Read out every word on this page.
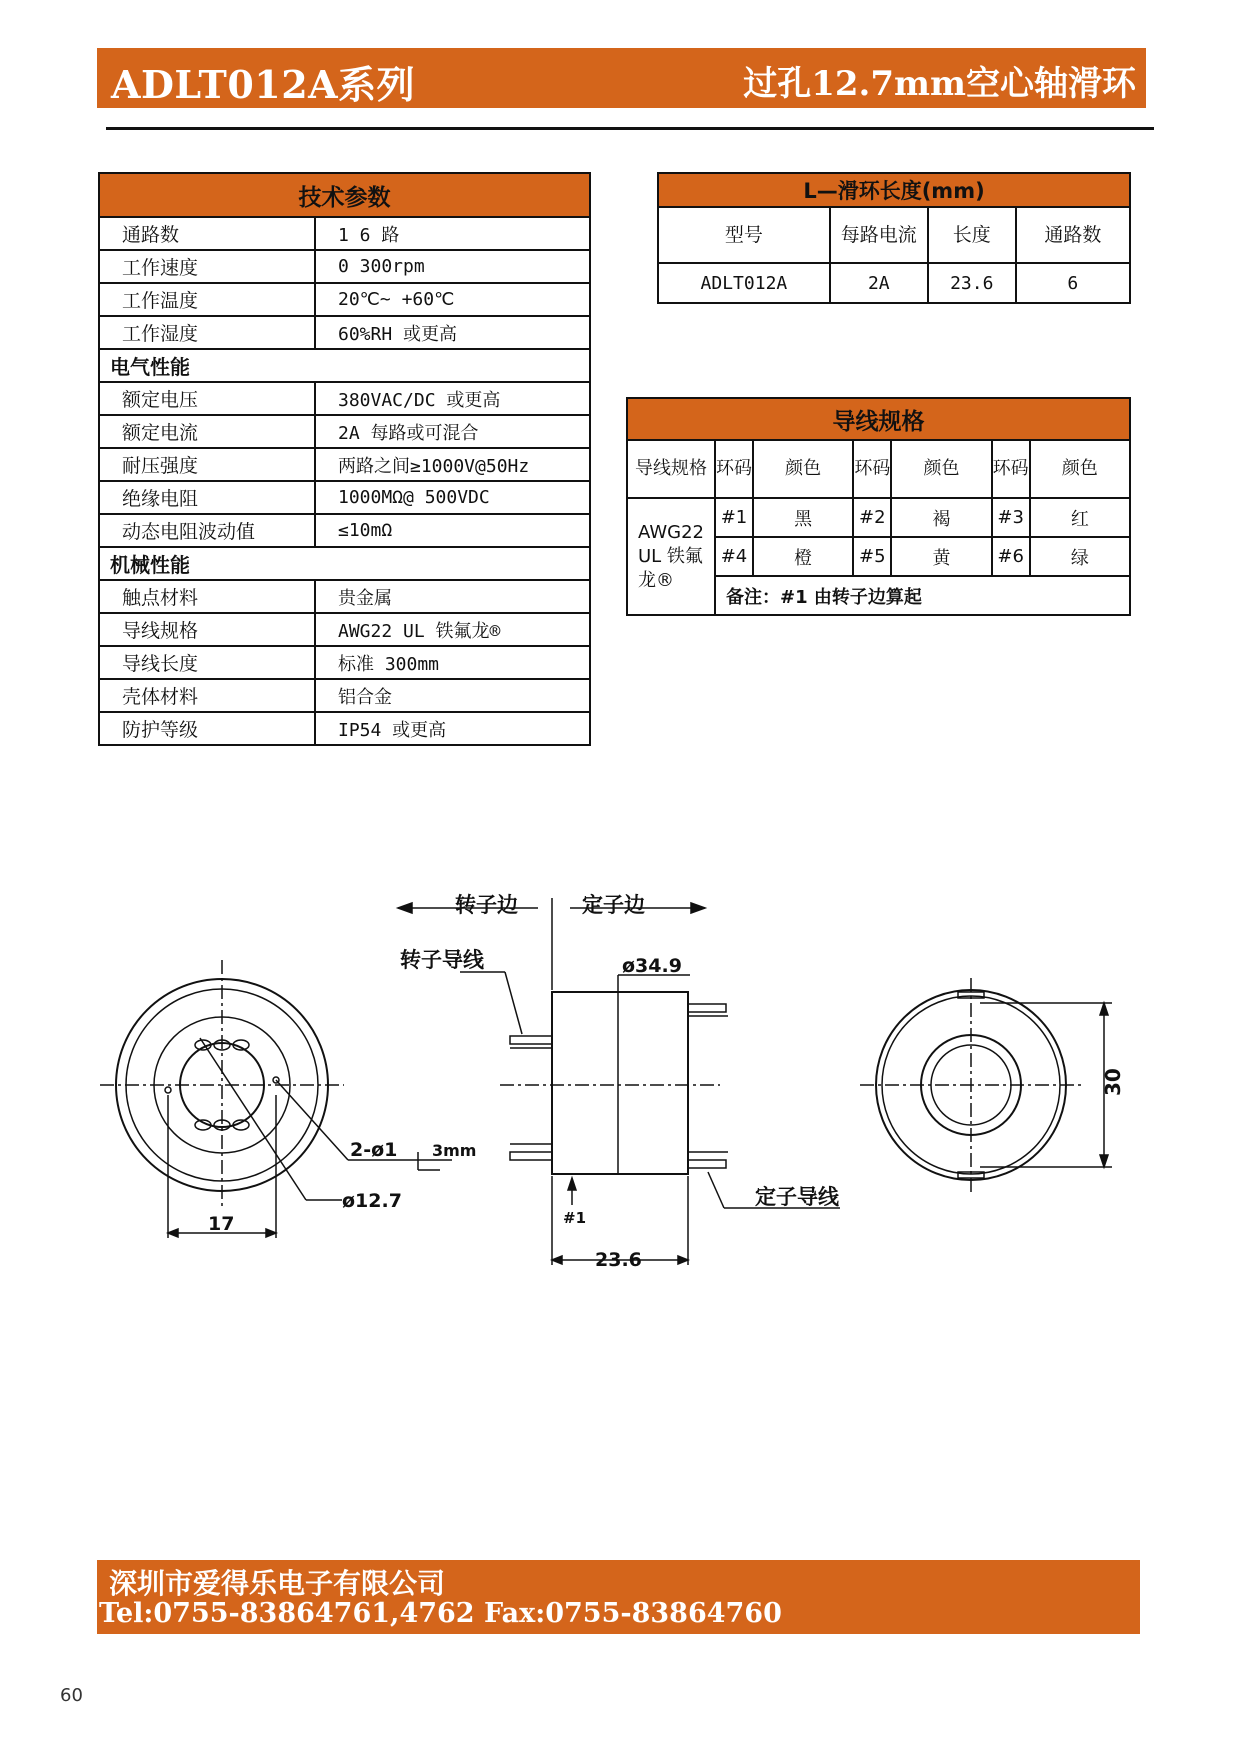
ADLT012A系列	过孔12.7mm空心轴滑环
技术参数	
通路数	1 6 路
工作速度	0 300rpm
工作温度	20℃~ +60℃
工作湿度	60%RH 或更高
电气性能	
额定电压	380VAC/DC 或更高
额定电流	2A 每路或可混合
耐压强度	两路之间≥1000V@50Hz
绝缘电阻	1000MΩ@ 500VDC
动态电阻波动值	≤10mΩ
机械性能	
触点材料	贵金属
导线规格	AWG22 UL 铁氟龙®
导线长度	标准 300mm
壳体材料	铝合金
防护等级	IP54 或更高
L—滑环长度(mm)			
型号	每路电流	长度	通路数
ADLT012A	2A	23.6	6
导线规格						
导线规格	环码	颜色	环码	颜色	环码	颜色
AWG22 UL 铁氟龙®	#1	黑	#2	褐	#3	红
	#4	橙	#5	黄	#6	绿
	备注：#1 由转子边算起					
2-ø1 3mm
ø12.7
17
转子边	定子边
转子导线	ø34.9
定子导线
#1
23.6
30
深圳市爱得乐电子有限公司
Tel:0755-83864761,4762 Fax:0755-83864760
60
